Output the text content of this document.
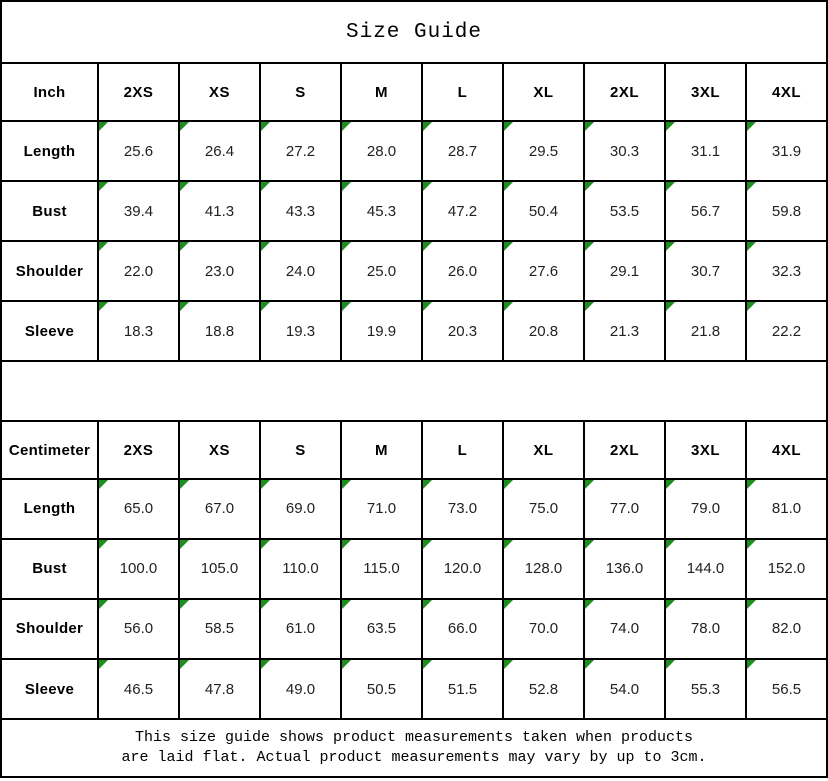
Size Guide									
Inch	2XS	XS	S	M	L	XL	2XL	3XL	4XL
Length	25.6	26.4	27.2	28.0	28.7	29.5	30.3	31.1	31.9
Bust	39.4	41.3	43.3	45.3	47.2	50.4	53.5	56.7	59.8
Shoulder	22.0	23.0	24.0	25.0	26.0	27.6	29.1	30.7	32.3
Sleeve	18.3	18.8	19.3	19.9	20.3	20.8	21.3	21.8	22.2

Centimeter	2XS	XS	S	M	L	XL	2XL	3XL	4XL
Length	65.0	67.0	69.0	71.0	73.0	75.0	77.0	79.0	81.0
Bust	100.0	105.0	110.0	115.0	120.0	128.0	136.0	144.0	152.0
Shoulder	56.0	58.5	61.0	63.5	66.0	70.0	74.0	78.0	82.0
Sleeve	46.5	47.8	49.0	50.5	51.5	52.8	54.0	55.3	56.5

This size guide shows product measurements taken when products
are laid flat. Actual product measurements may vary by up to 3cm.									
